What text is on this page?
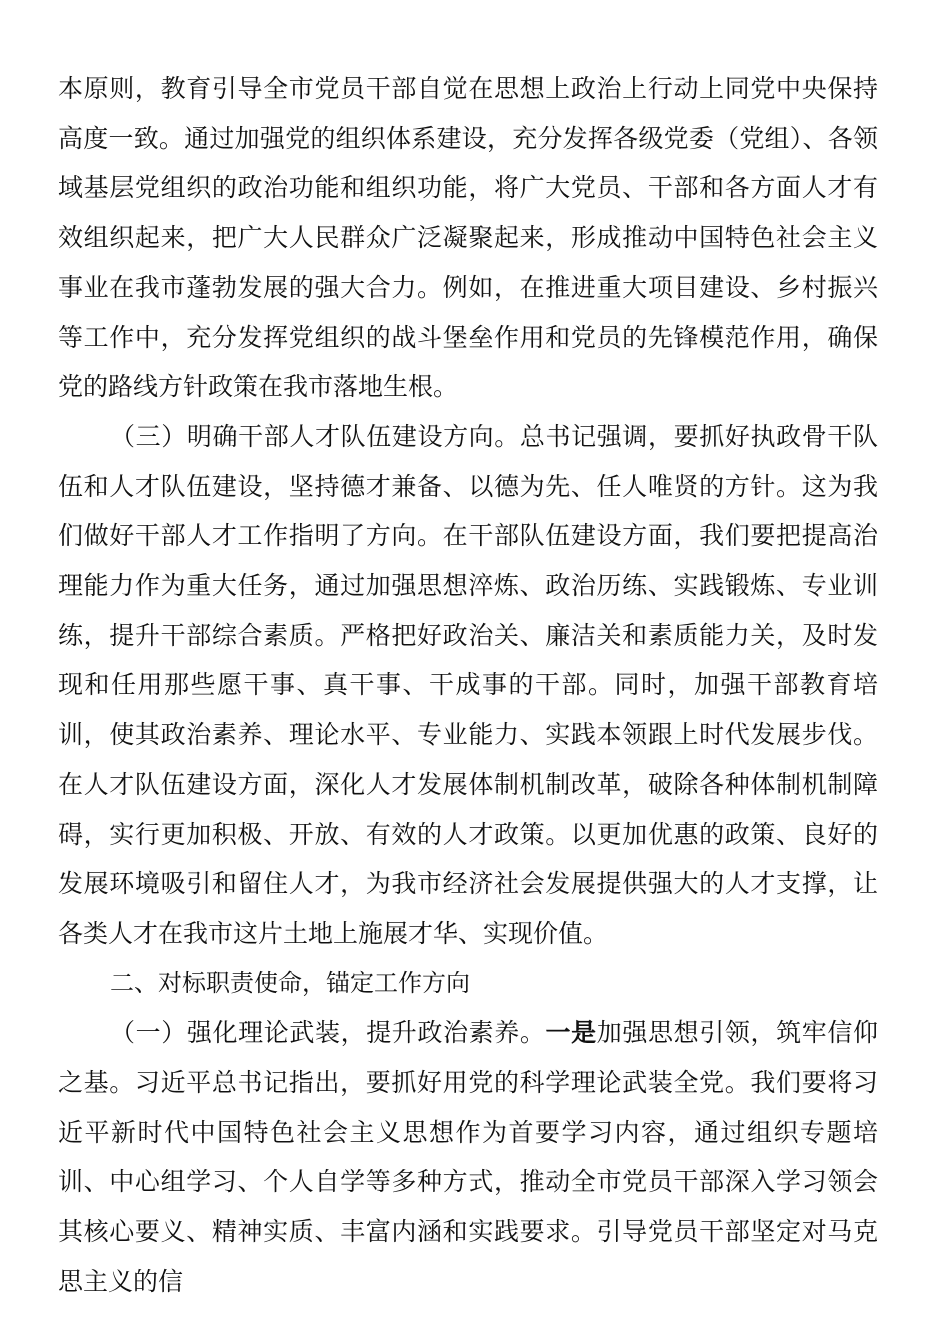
本原则，教育引导全市党员干部自觉在思想上政治上行动上同党中央保持高度一致。通过加强党的组织体系建设，充分发挥各级党委（党组）、各领域基层党组织的政治功能和组织功能，将广大党员、干部和各方面人才有效组织起来，把广大人民群众广泛凝聚起来，形成推动中国特色社会主义事业在我市蓬勃发展的强大合力。例如，在推进重大项目建设、乡村振兴等工作中，充分发挥党组织的战斗堡垒作用和党员的先锋模范作用，确保党的路线方针政策在我市落地生根。

（三）明确干部人才队伍建设方向。总书记强调，要抓好执政骨干队伍和人才队伍建设，坚持德才兼备、以德为先、任人唯贤的方针。这为我们做好干部人才工作指明了方向。在干部队伍建设方面，我们要把提高治理能力作为重大任务，通过加强思想淬炼、政治历练、实践锻炼、专业训练，提升干部综合素质。严格把好政治关、廉洁关和素质能力关，及时发现和任用那些愿干事、真干事、干成事的干部。同时，加强干部教育培训，使其政治素养、理论水平、专业能力、实践本领跟上时代发展步伐。在人才队伍建设方面，深化人才发展体制机制改革，破除各种体制机制障碍，实行更加积极、开放、有效的人才政策。以更加优惠的政策、良好的发展环境吸引和留住人才，为我市经济社会发展提供强大的人才支撑，让各类人才在我市这片土地上施展才华、实现价值。

二、对标职责使命，锚定工作方向

（一）强化理论武装，提升政治素养。一是加强思想引领，筑牢信仰之基。习近平总书记指出，要抓好用党的科学理论武装全党。我们要将习近平新时代中国特色社会主义思想作为首要学习内容，通过组织专题培训、中心组学习、个人自学等多种方式，推动全市党员干部深入学习领会其核心要义、精神实质、丰富内涵和实践要求。引导党员干部坚定对马克思主义的信
